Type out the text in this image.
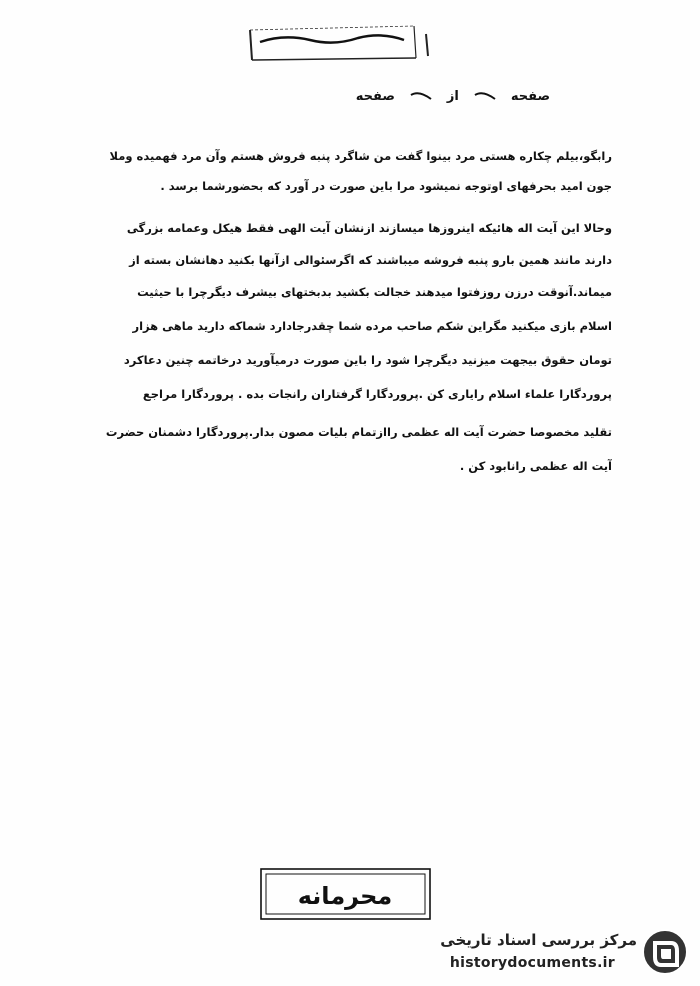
صفحه
از
صفحه
رابگو،بیلم چکاره هستی مرد بینوا گفت من شاگرد پنبه فروش هستم وآن مرد فهمیده وملا
جون امید بحرفهای اوتوجه نمیشود مرا باین صورت در آورد که بحضورشما برسد .
وحالا این آیت اله هائیکه اینروزها میسازند ازنشان آیت الهی فقط هیکل وعمامه بزرگی
دارند مانند همین بارو پنبه فروشه میباشند که اگرسئوالی ازآنها بکنید دهانشان بسته از
میماند.آنوقت درزن روزفتوا میدهند خجالت بکشید بدبختهای بیشرف دیگرچرا با حیثیت
اسلام بازی میکنید مگراین شکم صاحب مرده شما چقدرجادارد شماکه دارید ماهی هزار
تومان حقوق بیجهت میزنید دیگرچرا شود را باین صورت درمیآورید درخاتمه چنین دعاکرد
پروردگارا علماء اسلام رایاری کن .پروردگارا گرفتاران رانجات بده . پروردگارا مراجع
تقلید مخصوصا حضرت آیت اله عظمی راازتمام بلیات مصون بدار.پروردگارا دشمنان حضرت
آیت اله عظمی رانابود کن .
محرمانه
مرکز بررسی اسناد تاریخی
historydocuments.ir
